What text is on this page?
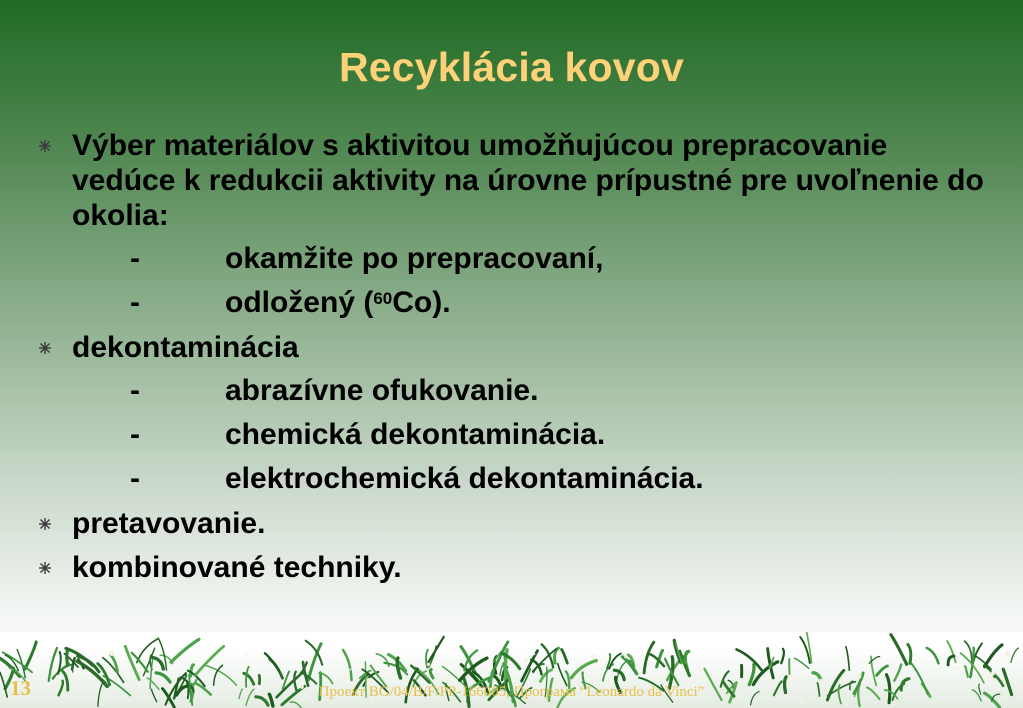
Recyklácia kovov
Výber materiálov s aktivitou umožňujúcou prepracovanie vedúce k redukcii aktivity na úrovne prípustné pre uvoľnenie do okolia:
-	okamžite po prepracovaní,
-	odložený ($^{60}$Co).
dekontaminácia
-	abrazívne ofukovanie.
-	chemická dekontaminácia.
-	elektrochemická dekontaminácia.
pretavovanie.
kombinované techniky.
13	Проект BG/04/B/F/PP-166005, Програма “Leonardo da Vinci”
